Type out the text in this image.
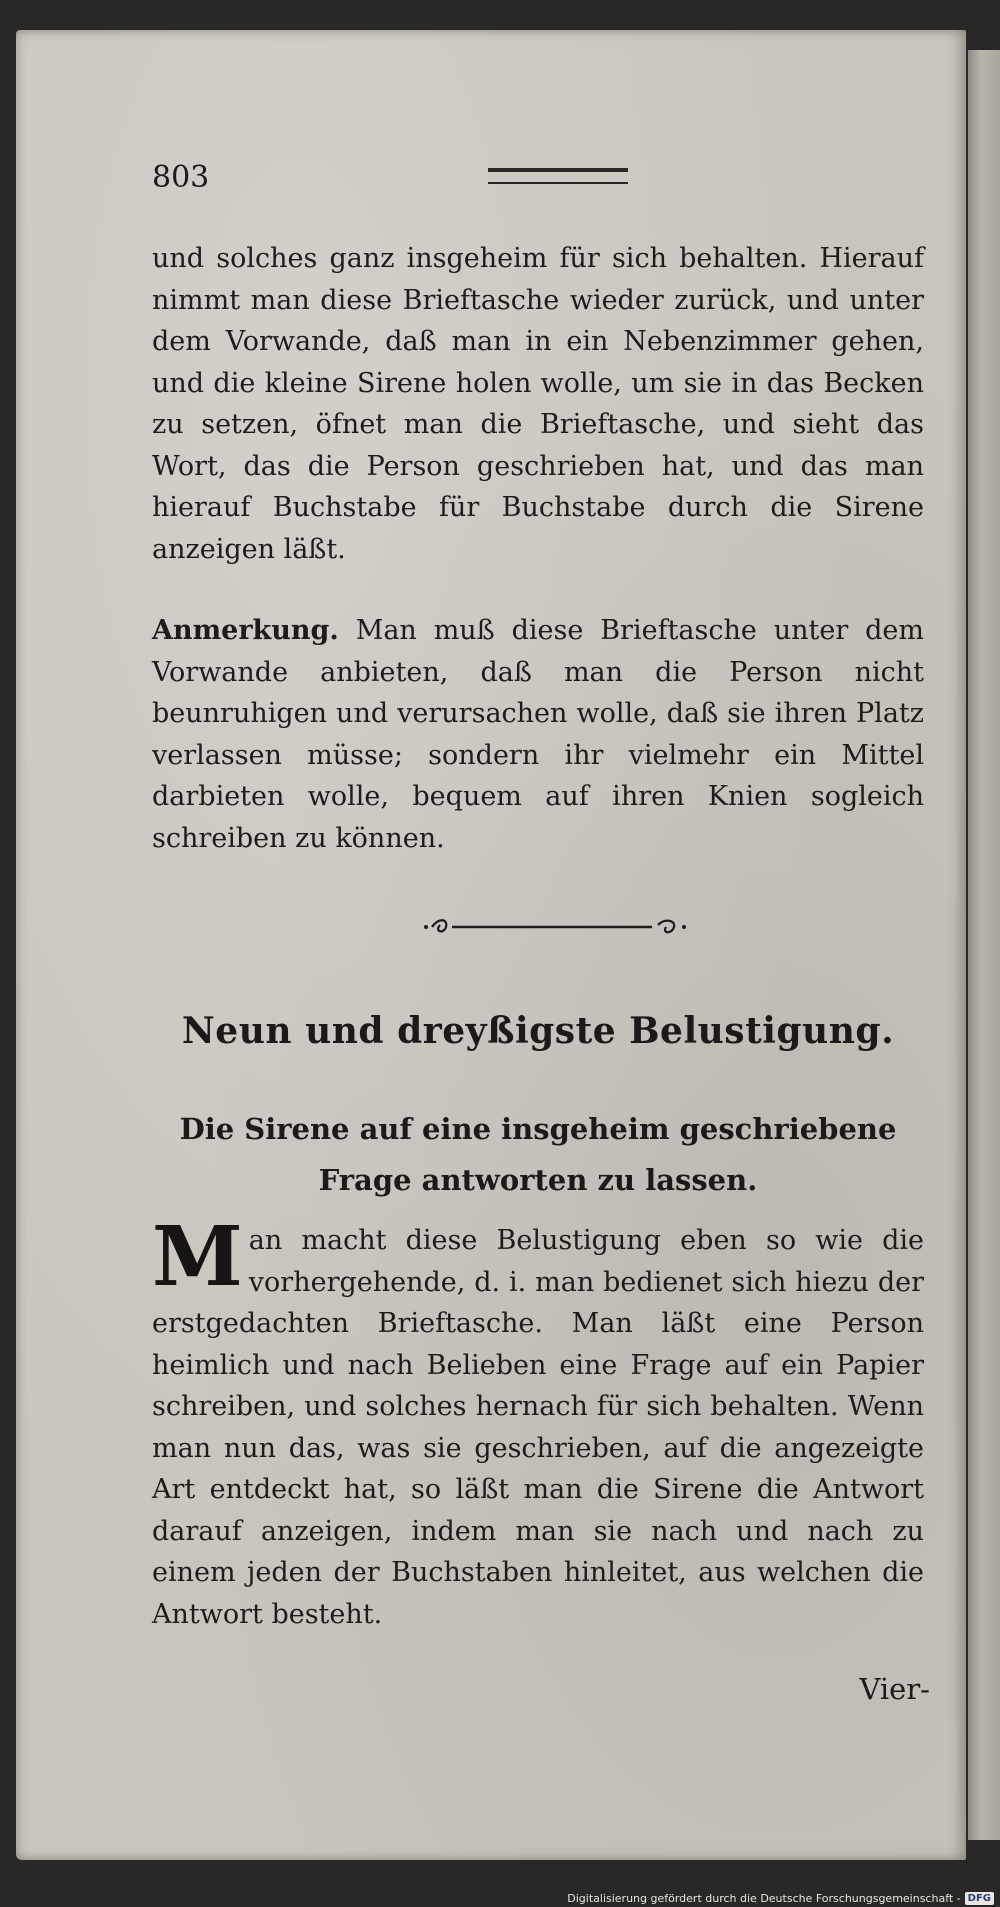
803

und solches ganz insgeheim für sich behalten. Hierauf nimmt man diese Brieftasche wieder zurück, und unter dem Vorwande, daß man in ein Nebenzimmer gehen, und die kleine Sirene holen wolle, um sie in das Becken zu setzen, öfnet man die Brieftasche, und sieht das Wort, das die Person geschrieben hat, und das man hierauf Buchstabe für Buchstabe durch die Sirene anzeigen läßt.

Anmerkung. Man muß diese Brieftasche unter dem Vorwande anbieten, daß man die Person nicht beunruhigen und verursachen wolle, daß sie ihren Platz verlassen müsse; sondern ihr vielmehr ein Mittel darbieten wolle, bequem auf ihren Knien sogleich schreiben zu können.

Neun und dreyßigste Belustigung.
Die Sirene auf eine insgeheim geschriebene Frage antworten zu lassen.

Man macht diese Belustigung eben so wie die vorhergehende, d. i. man bedienet sich hiezu der erstgedachten Brieftasche. Man läßt eine Person heimlich und nach Belieben eine Frage auf ein Papier schreiben, und solches hernach für sich behalten. Wenn man nun das, was sie geschrieben, auf die angezeigte Art entdeckt hat, so läßt man die Sirene die Antwort darauf anzeigen, indem man sie nach und nach zu einem jeden der Buchstaben hinleitet, aus welchen die Antwort besteht.

Vier-
Digitalisierung gefördert durch die Deutsche Forschungsgemeinschaft - DFG
